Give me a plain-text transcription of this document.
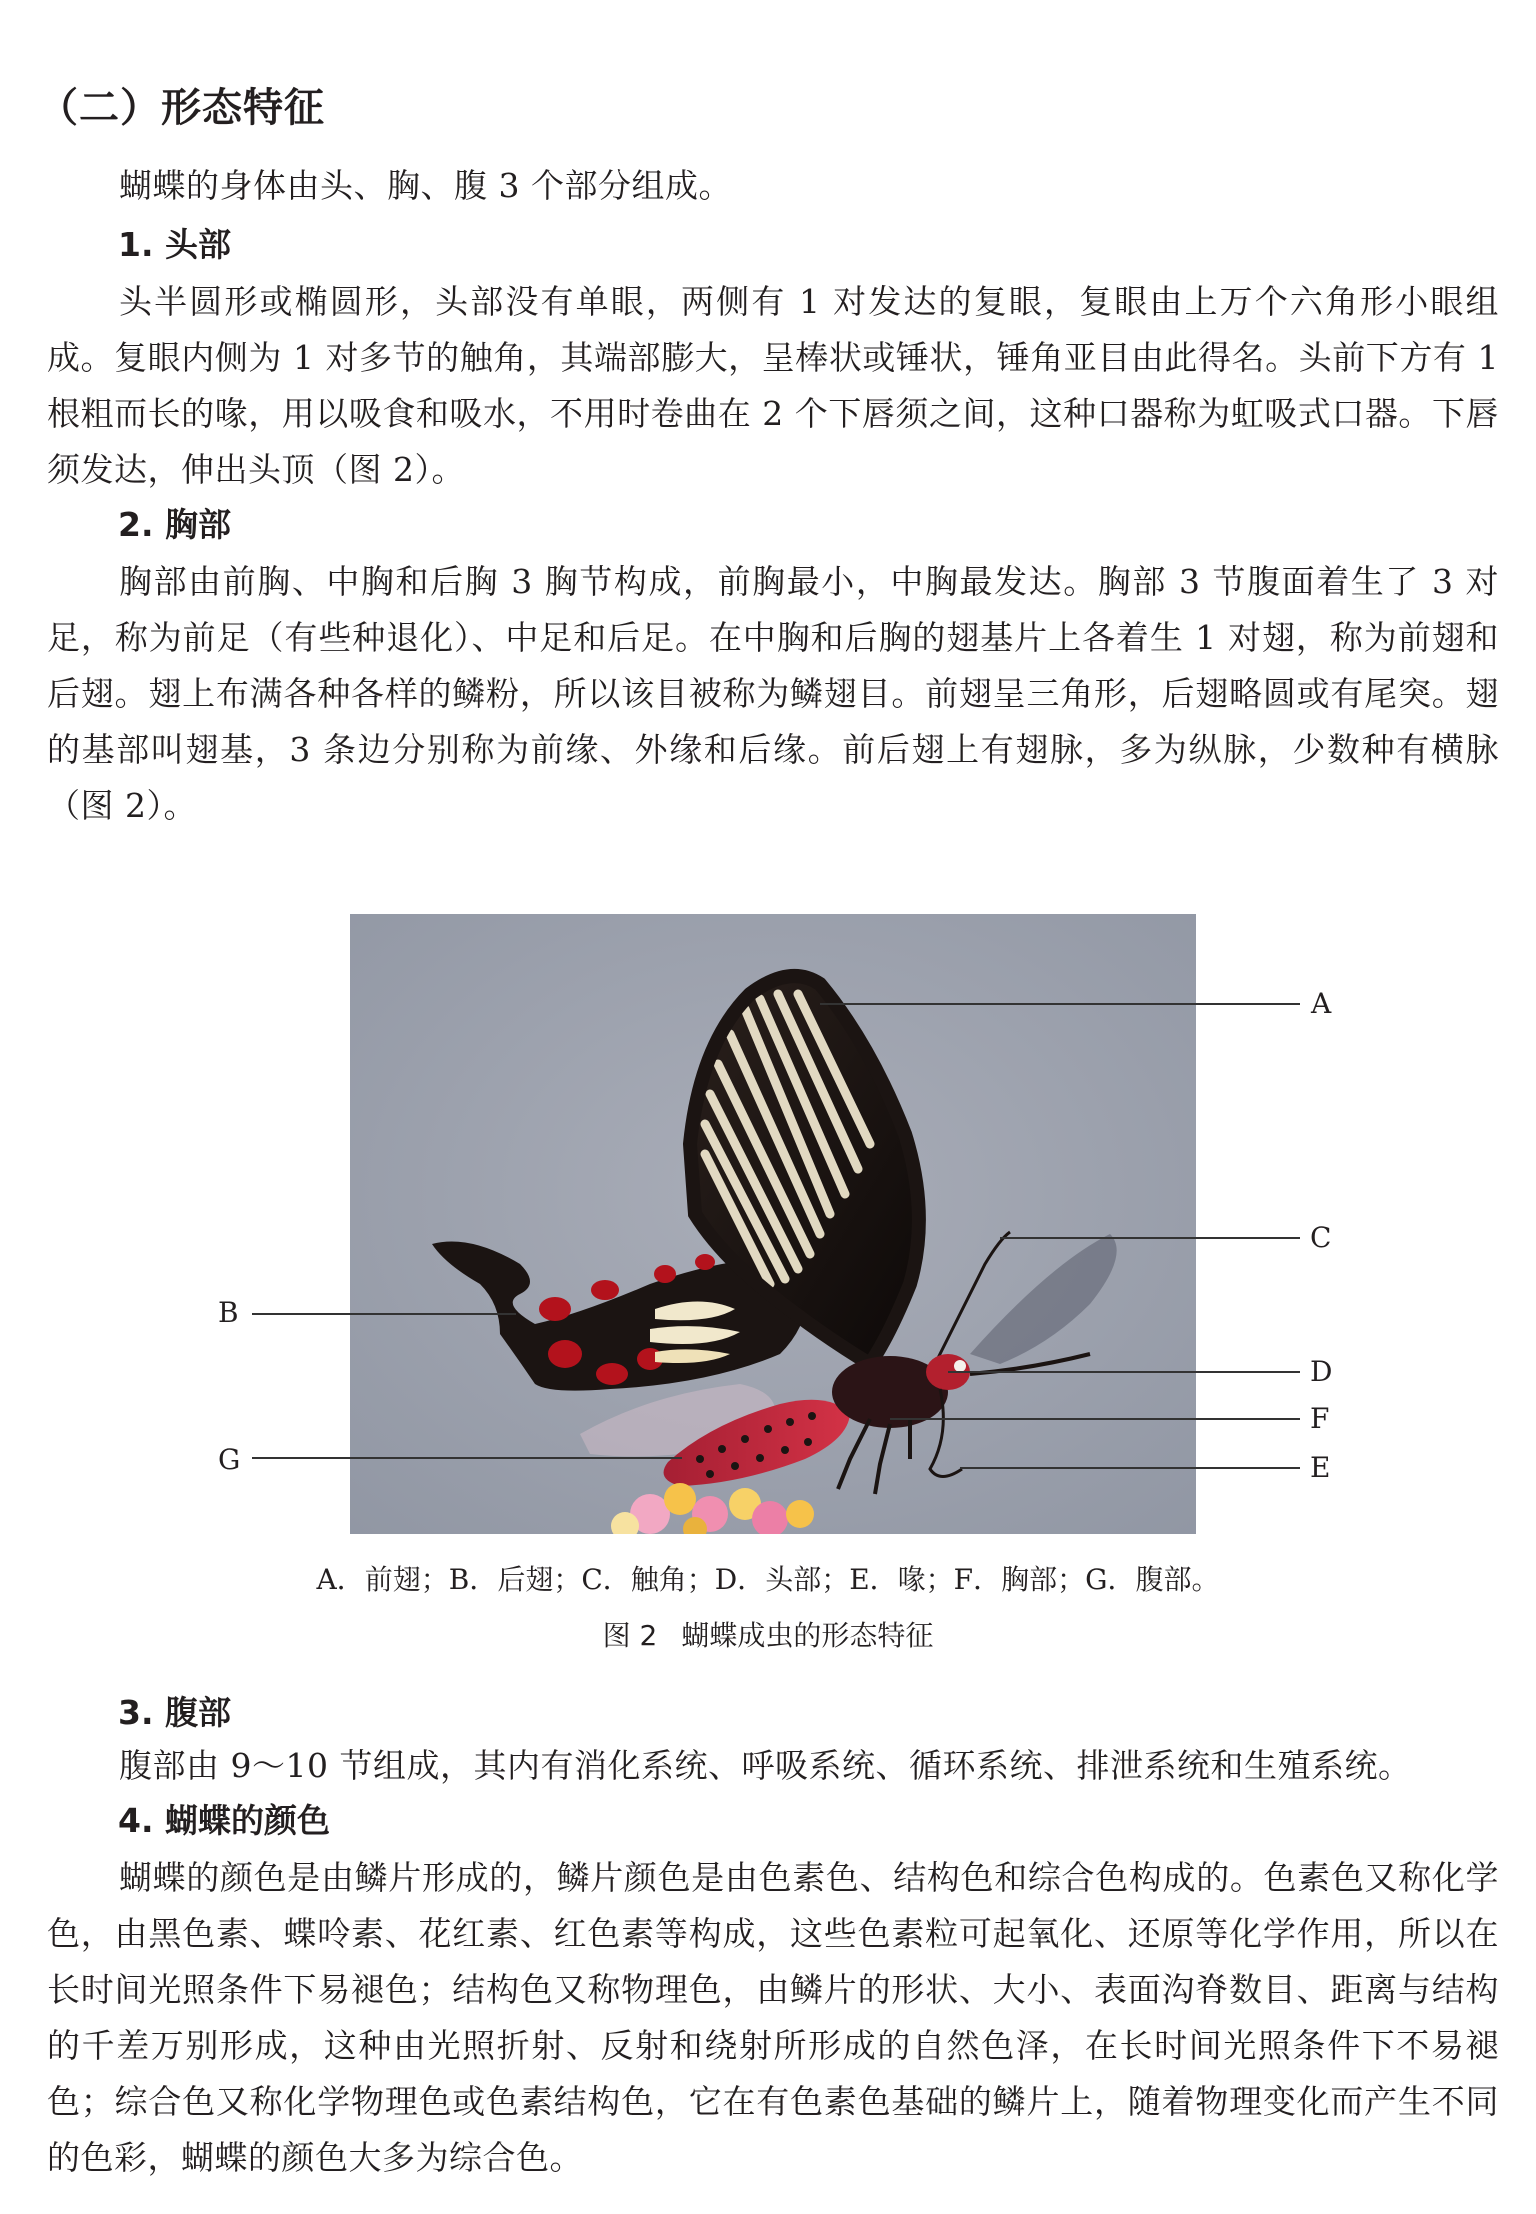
（二）形态特征

蝴蝶的身体由头、胸、腹 3 个部分组成。

1. 头部

头半圆形或椭圆形，头部没有单眼，两侧有 1 对发达的复眼，复眼由上万个六角形小眼组成。复眼内侧为 1 对多节的触角，其端部膨大，呈棒状或锤状，锤角亚目由此得名。头前下方有 1 根粗而长的喙，用以吸食和吸水，不用时卷曲在 2 个下唇须之间，这种口器称为虹吸式口器。下唇须发达，伸出头顶（图 2）。

2. 胸部

胸部由前胸、中胸和后胸 3 胸节构成，前胸最小，中胸最发达。胸部 3 节腹面着生了 3 对足，称为前足（有些种退化）、中足和后足。在中胸和后胸的翅基片上各着生 1 对翅，称为前翅和后翅。翅上布满各种各样的鳞粉，所以该目被称为鳞翅目。前翅呈三角形，后翅略圆或有尾突。翅的基部叫翅基，3 条边分别称为前缘、外缘和后缘。前后翅上有翅脉，多为纵脉，少数种有横脉（图 2）。

A
C
B
D
F
G	E

A．前翅；B．后翅；C．触角；D．头部；E．喙；F．胸部；G．腹部。

图 2 蝴蝶成虫的形态特征

3. 腹部

腹部由 9～10 节组成，其内有消化系统、呼吸系统、循环系统、排泄系统和生殖系统。

4. 蝴蝶的颜色

蝴蝶的颜色是由鳞片形成的，鳞片颜色是由色素色、结构色和综合色构成的。色素色又称化学色，由黑色素、蝶呤素、花红素、红色素等构成，这些色素粒可起氧化、还原等化学作用，所以在长时间光照条件下易褪色；结构色又称物理色，由鳞片的形状、大小、表面沟脊数目、距离与结构的千差万别形成，这种由光照折射、反射和绕射所形成的自然色泽，在长时间光照条件下不易褪色；综合色又称化学物理色或色素结构色，它在有色素色基础的鳞片上，随着物理变化而产生不同的色彩，蝴蝶的颜色大多为综合色。
